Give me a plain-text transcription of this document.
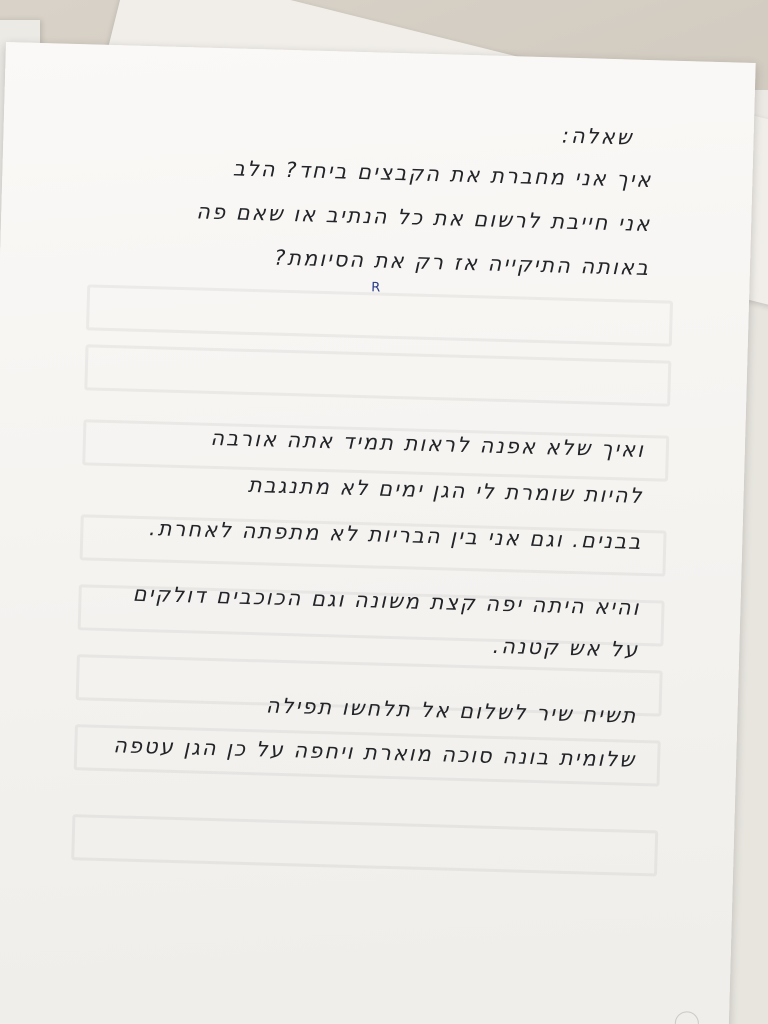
שאלה:
איך אני מחברת את הקבצים ביחד? הלב
אני חייבת לרשום את כל הנתיב או שאם פה
באותה התיקייה אז רק את הסיומת?
R
ואיך שלא אפנה לראות תמיד אתה אורבה
להיות שומרת לי הגן ימים לא מתנגבת
בבנים. וגם אני בין הבריות לא מתפתה לאחרת.
והיא היתה יפה קצת משונה וגם הכוכבים דולקים
על אש קטנה.
תשיח שיר לשלום אל תלחשו תפילה
שלומית בונה סוכה מוארת ויחפה על כן הגן עטפה
